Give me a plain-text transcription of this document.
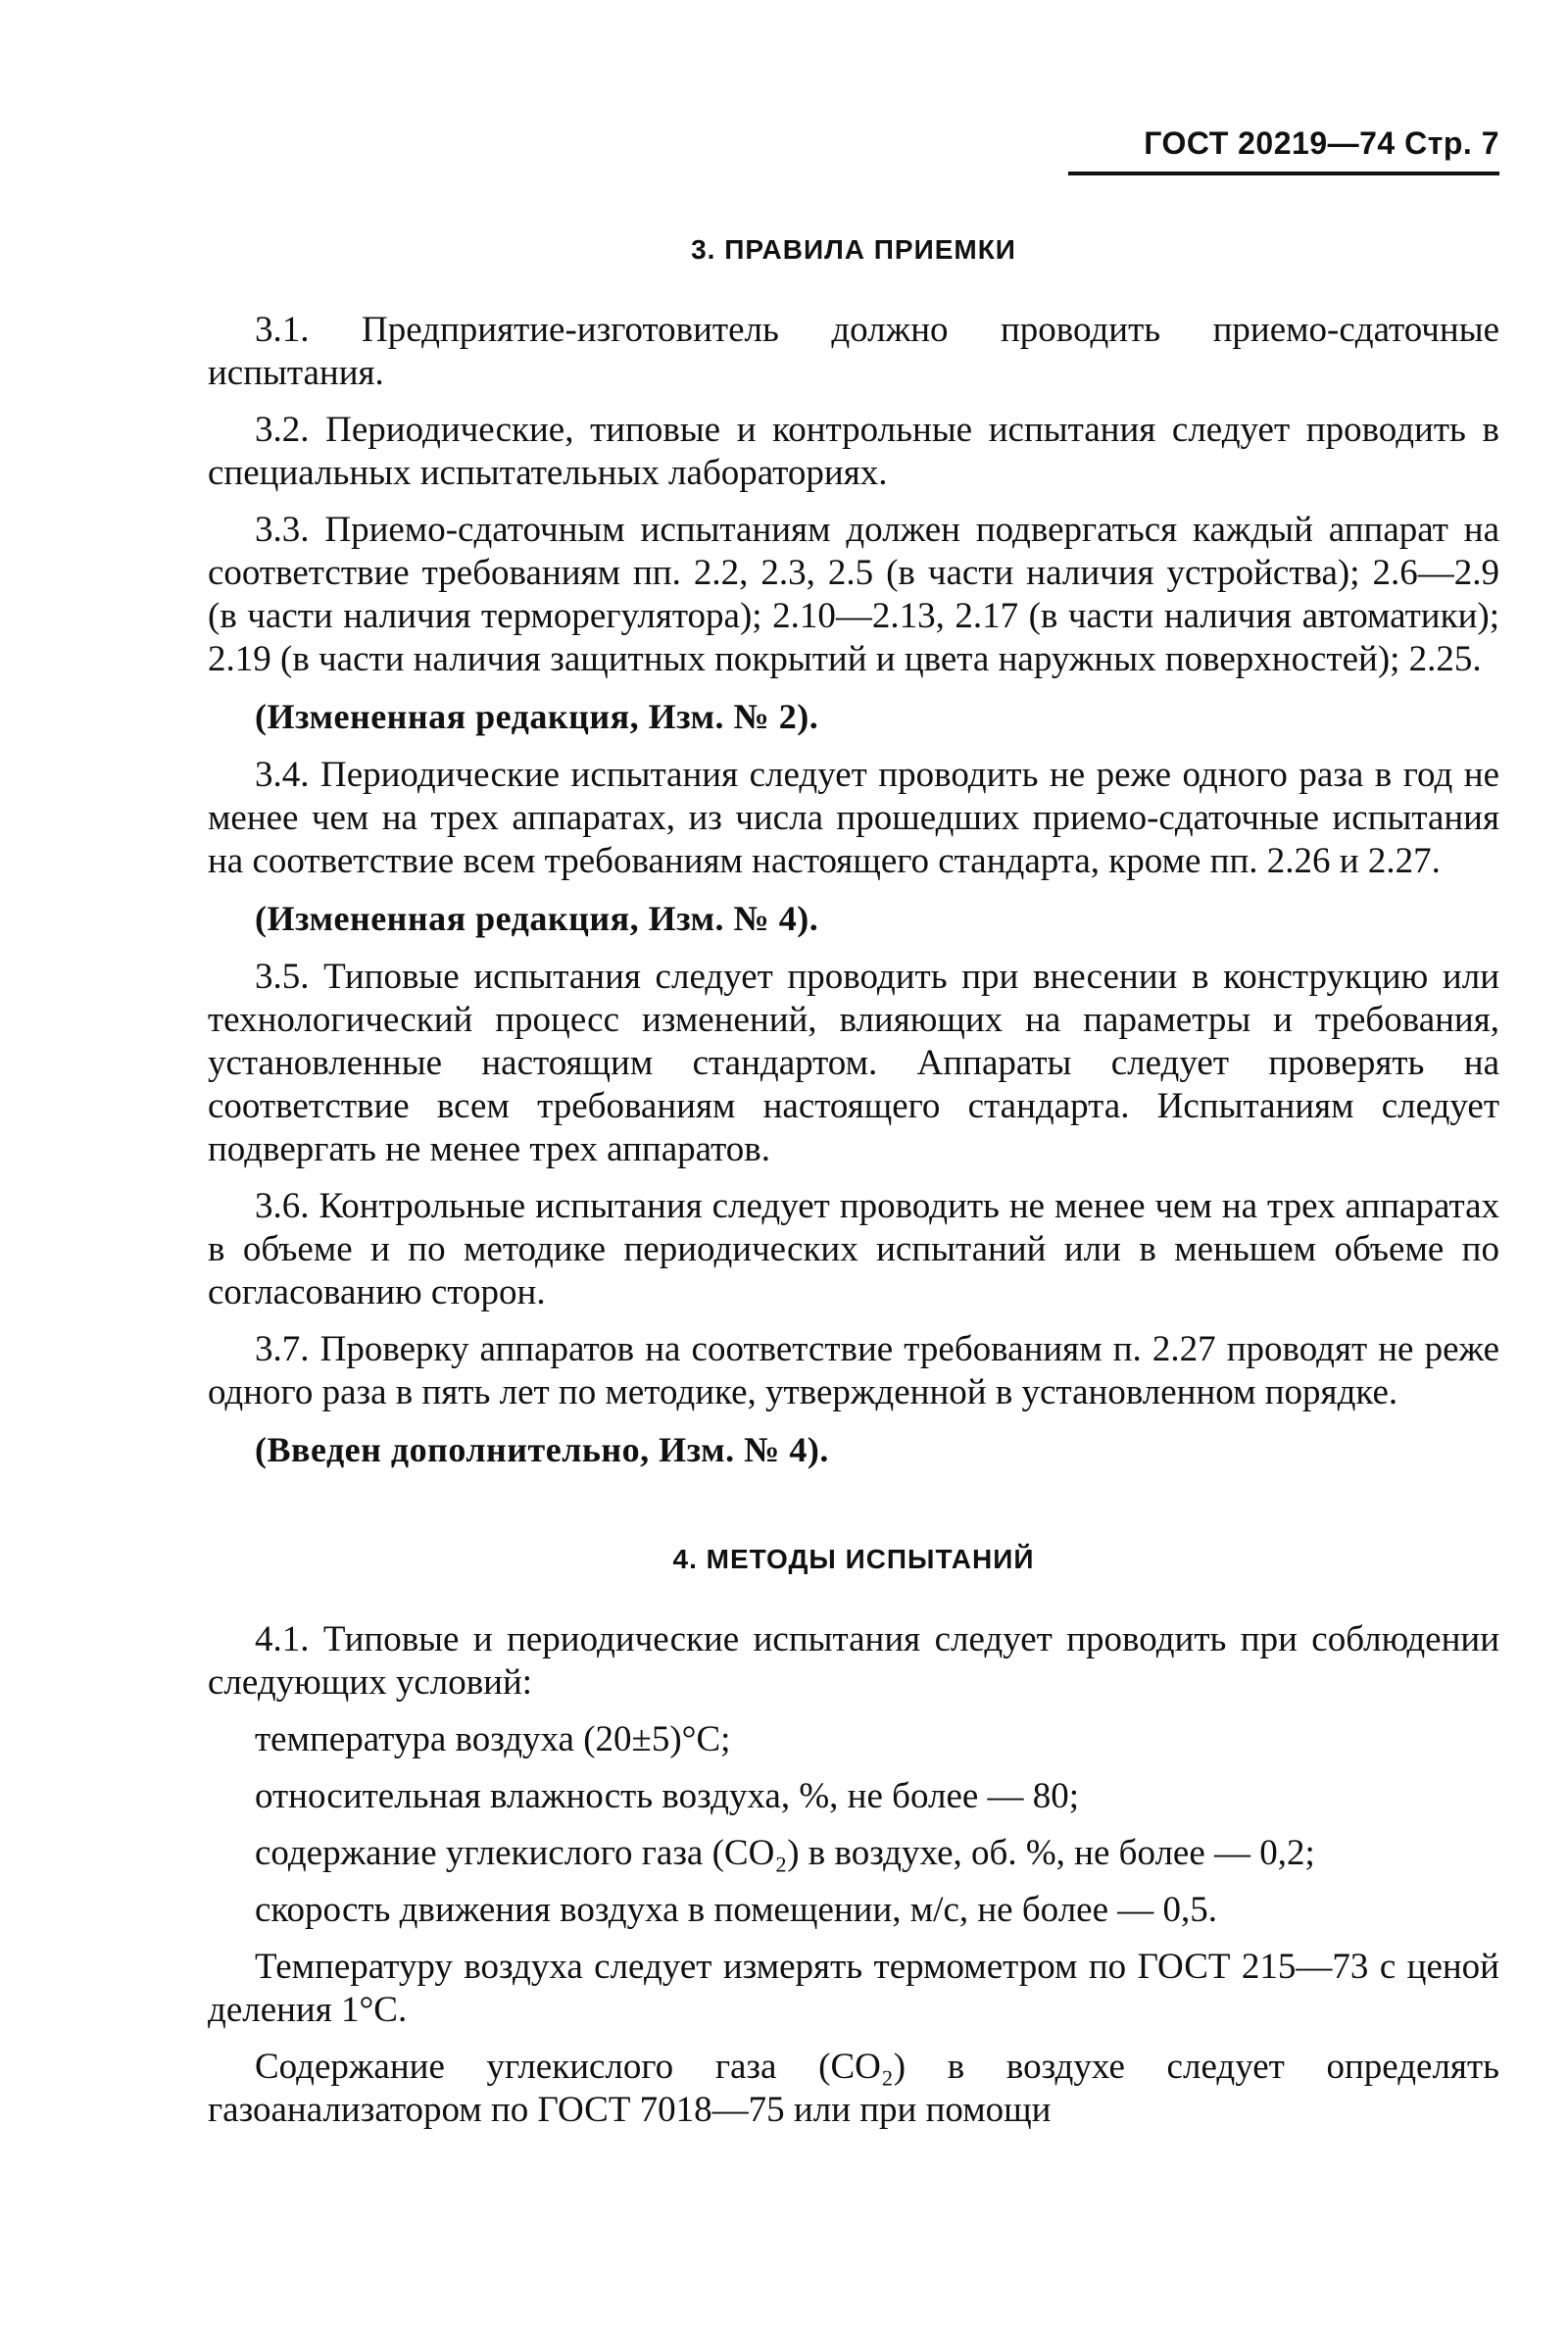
ГОСТ 20219—74 Стр. 7
3. ПРАВИЛА ПРИЕМКИ

3.1. Предприятие-изготовитель должно проводить приемо-сдаточные испытания.

3.2. Периодические, типовые и контрольные испытания следует проводить в специальных испытательных лабораториях.

3.3. Приемо-сдаточным испытаниям должен подвергаться каждый аппарат на соответствие требованиям пп. 2.2, 2.3, 2.5 (в части наличия устройства); 2.6—2.9 (в части наличия терморегулятора); 2.10—2.13, 2.17 (в части наличия автоматики); 2.19 (в части наличия защитных покрытий и цвета наружных поверхностей); 2.25.

(Измененная редакция, Изм. № 2).

3.4. Периодические испытания следует проводить не реже одного раза в год не менее чем на трех аппаратах, из числа прошедших приемо-сдаточные испытания на соответствие всем требованиям настоящего стандарта, кроме пп. 2.26 и 2.27.

(Измененная редакция, Изм. № 4).

3.5. Типовые испытания следует проводить при внесении в конструкцию или технологический процесс изменений, влияющих на параметры и требования, установленные настоящим стандартом. Аппараты следует проверять на соответствие всем требованиям настоящего стандарта. Испытаниям следует подвергать не менее трех аппаратов.

3.6. Контрольные испытания следует проводить не менее чем на трех аппаратах в объеме и по методике периодических испытаний или в меньшем объеме по согласованию сторон.

3.7. Проверку аппаратов на соответствие требованиям п. 2.27 проводят не реже одного раза в пять лет по методике, утвержденной в установленном порядке.

(Введен дополнительно, Изм. № 4).
4. МЕТОДЫ ИСПЫТАНИЙ

4.1. Типовые и периодические испытания следует проводить при соблюдении следующих условий:

температура воздуха (20±5)°С;

относительная влажность воздуха, %, не более — 80;

содержание углекислого газа (СО₂) в воздухе, об. %, не более — 0,2;

скорость движения воздуха в помещении, м/с, не более — 0,5.

Температуру воздуха следует измерять термометром по ГОСТ 215—73 с ценой деления 1°С.

Содержание углекислого газа (СО₂) в воздухе следует определять газоанализатором по ГОСТ 7018—75 или при помощи
